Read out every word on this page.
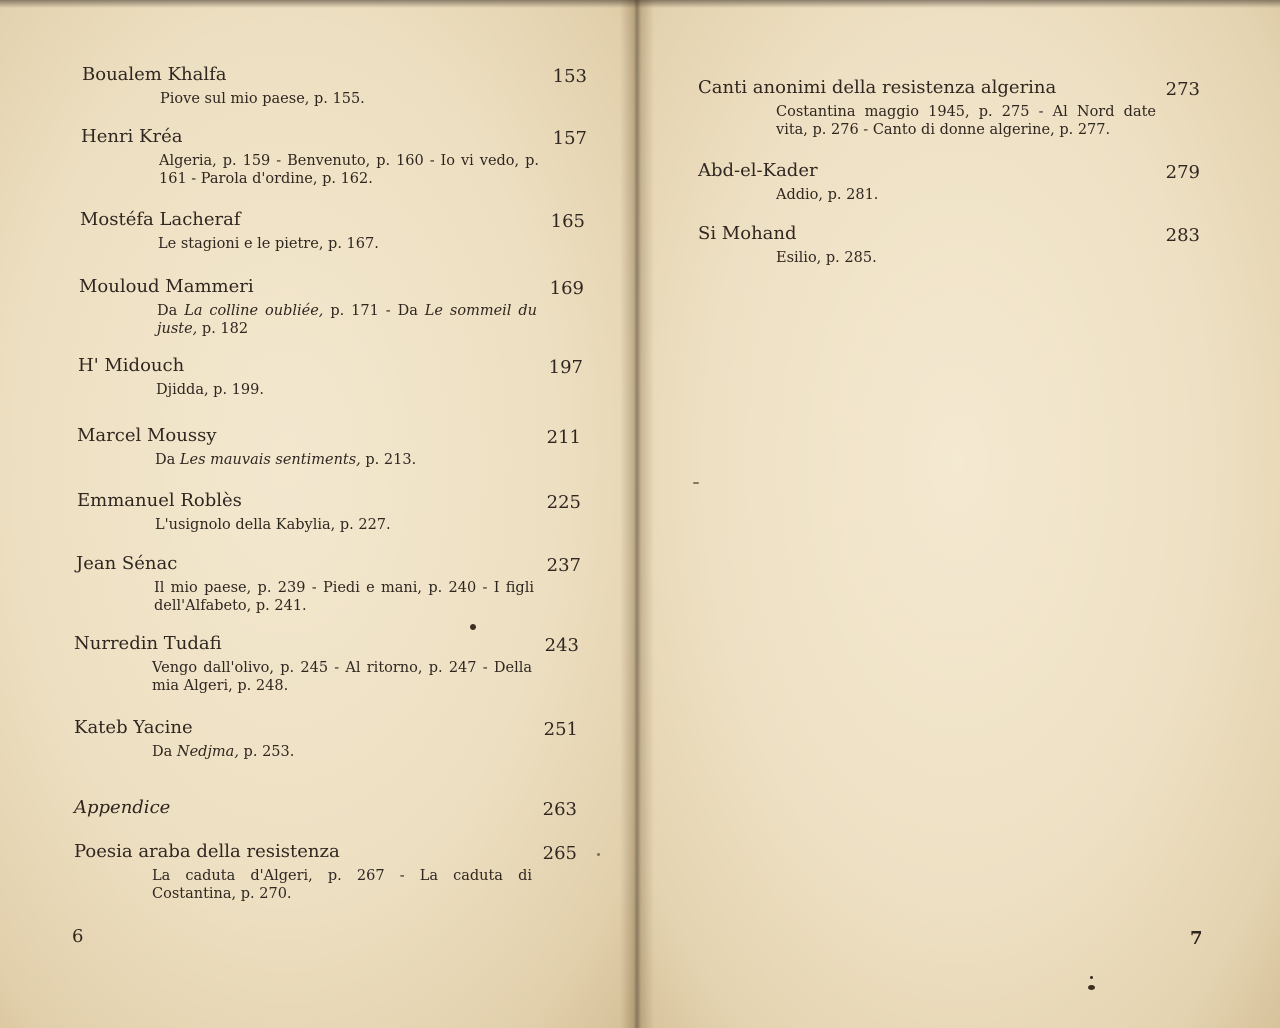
Boualem Khalfa	153
Piove sul mio paese, p. 155.
Henri Kréa	157
Algeria, p. 159 - Benvenuto, p. 160 - Io vi vedo, p. 161 - Parola d'ordine, p. 162.
Mostéfa Lacheraf	165
Le stagioni e le pietre, p. 167.
Mouloud Mammeri	169
Da La colline oubliée, p. 171 - Da Le sommeil du juste, p. 182
H' Midouch	197
Djidda, p. 199.
Marcel Moussy	211
Da Les mauvais sentiments, p. 213.
Emmanuel Roblès	225
L'usignolo della Kabylia, p. 227.
Jean Sénac	237
Il mio paese, p. 239 - Piedi e mani, p. 240 - I figli dell'Alfabeto, p. 241.
Nurredin Tudafi	243
Vengo dall'olivo, p. 245 - Al ritorno, p. 247 - Della mia Algeri, p. 248.
Kateb Yacine	251
Da Nedjma, p. 253.
Appendice	263
Poesia araba della resistenza	265
La caduta d'Algeri, p. 267 - La caduta di Costantina, p. 270.
6
Canti anonimi della resistenza algerina	273
Costantina maggio 1945, p. 275 - Al Nord date vita, p. 276 - Canto di donne algerine, p. 277.
Abd-el-Kader	279
Addio, p. 281.
Si Mohand	283
Esilio, p. 285.
7
